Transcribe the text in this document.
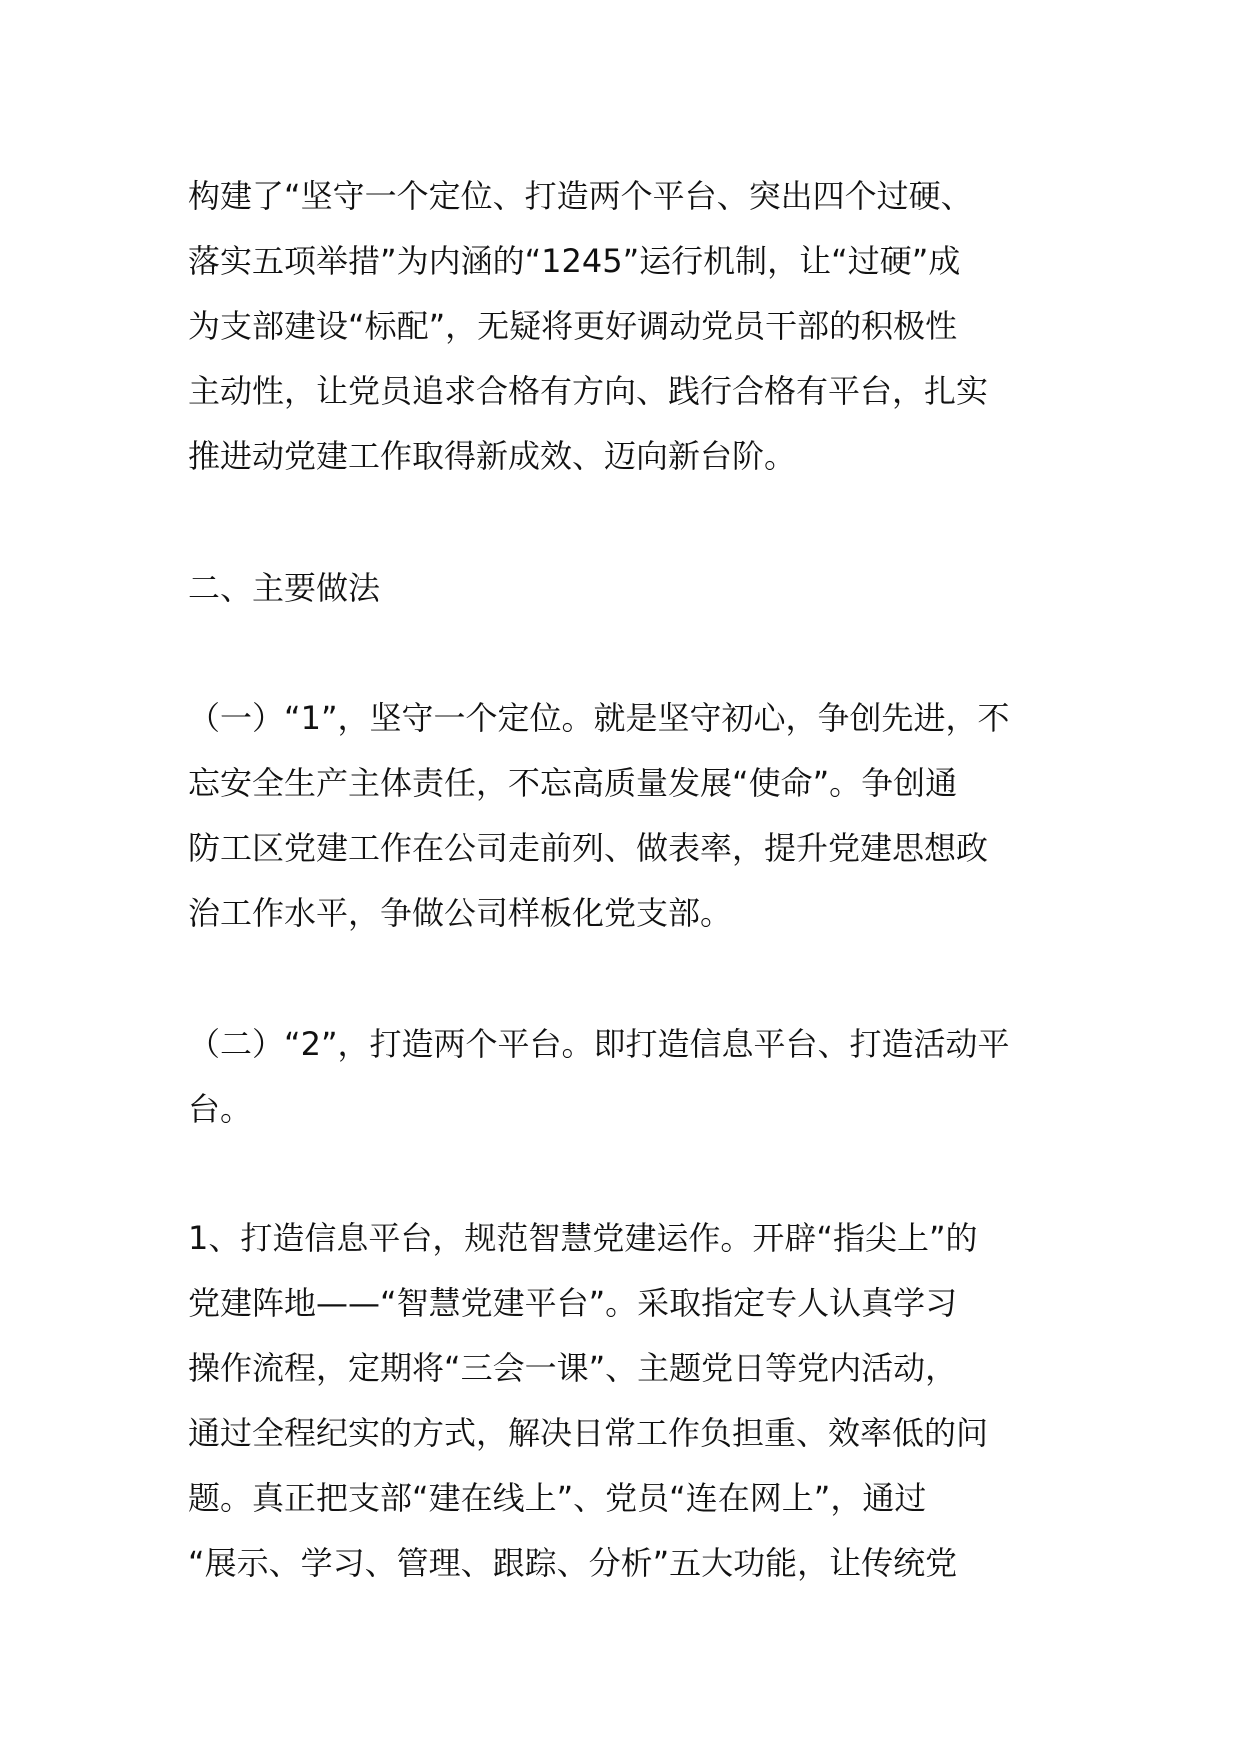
构建了“坚守一个定位、打造两个平台、突出四个过硬、
落实五项举措”为内涵的“1245”运行机制，让“过硬”成
为支部建设“标配”，无疑将更好调动党员干部的积极性
主动性，让党员追求合格有方向、践行合格有平台，扎实
推进动党建工作取得新成效、迈向新台阶。
二、主要做法
（一）“1”，坚守一个定位。就是坚守初心，争创先进，不
忘安全生产主体责任，不忘高质量发展“使命”。争创通
防工区党建工作在公司走前列、做表率，提升党建思想政
治工作水平，争做公司样板化党支部。
（二）“2”，打造两个平台。即打造信息平台、打造活动平
台。
1、打造信息平台，规范智慧党建运作。开辟“指尖上”的
党建阵地——“智慧党建平台”。采取指定专人认真学习
操作流程，定期将“三会一课”、主题党日等党内活动，
通过全程纪实的方式，解决日常工作负担重、效率低的问
题。真正把支部“建在线上”、党员“连在网上”，通过
“展示、学习、管理、跟踪、分析”五大功能，让传统党
